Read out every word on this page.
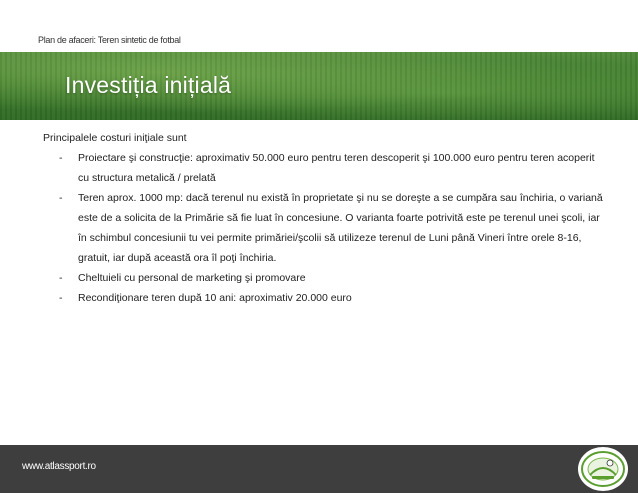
Plan de afaceri: Teren sintetic de fotbal
Investiția inițială
Principalele costuri iniţiale sunt
- Proiectare şi construcţie: aproximativ 50.000 euro pentru teren descoperit şi 100.000 euro pentru teren acoperit cu structura metalică / prelată
- Teren aprox. 1000 mp: dacă terenul nu există în proprietate şi nu se doreşte a se cumpăra sau închiria, o variană este de a solicita de la Primărie să fie luat în concesiune. O varianta foarte potrivită este pe terenul unei şcoli, iar în schimbul concesiunii tu vei permite primăriei/şcolii să utilizeze terenul de Luni până Vineri între orele 8-16, gratuit, iar după această ora îl poţi închiria.
- Cheltuieli cu personal de marketing şi promovare
- Recondiţionare teren după 10 ani: aproximativ 20.000 euro
www.atlassport.ro
